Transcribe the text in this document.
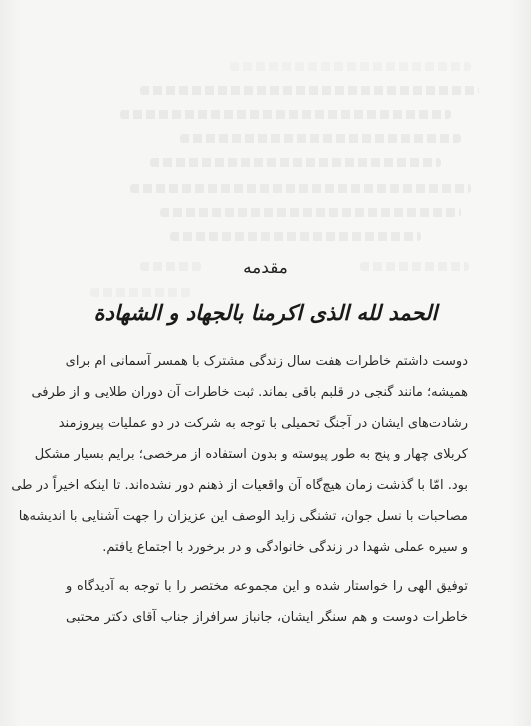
مقدمه
الحمد لله الذی اکرمنا بالجهاد و الشهادة
دوست داشتم خاطرات هفت سال زندگی مشترک با همسر آسمانی ام برای
همیشه؛ مانند گنجی در قلبم باقی بماند. ثبت خاطرات آن دوران طلایی و از طرفی
رشادت‌های ایشان در آجنگ تحمیلی با توجه به شرکت در دو عملیات پیروزمند
کربلای چهار و پنج به طور پیوسته و بدون استفاده از مرخصی؛ برایم بسیار مشکل
بود. امّا با گذشت زمان هیچ‌گاه آن واقعیات از ذهنم دور نشده‌اند. تا اینکه اخیراً در طی
مصاحبات با نسل جوان، تشنگی زاید الوصف این عزیزان را جهت آشنایی با اندیشه‌ها
و سیره عملی شهدا در زندگی خانوادگی و در برخورد با اجتماع یافتم.
توفیق الهی را خواستار شده و این مجموعه مختصر را با توجه به آدیدگاه و
خاطرات دوست و هم سنگر ایشان، جانباز سرافراز جناب آقای دکتر محتبی
